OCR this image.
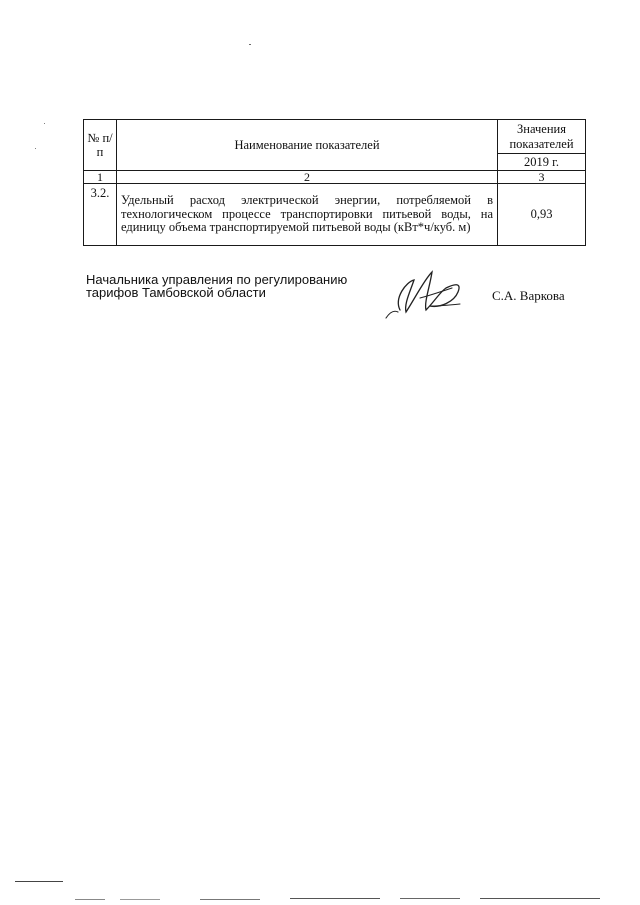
№ п/п	Наименование показателей	Значения показателей
		2019 г.
1	2	3
3.2.	Удельный расход электрической энергии, потребляемой в технологическом процессе транспортировки питьевой воды, на единицу объема транспортируемой питьевой воды (кВт*ч/куб. м)	0,93
Начальника управления по регулированию
тарифов Тамбовской области	С.А. Варкова
